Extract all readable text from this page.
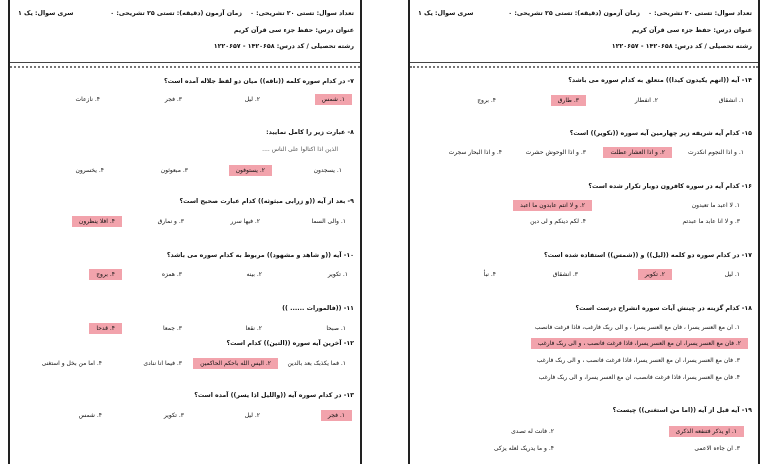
تعداد سوال: تستی ۲۰ تشریحی: ۰
زمان آزمون (دقیقه): تستی ۲۵ تشریحی: ۰
سری سوال: یک ۱
عنوان درس: حفظ جزء سی قرآن کریم
رشته تحصیلی / کد درس: ۱۴۲۰۶۵۸ - ۱۲۲۰۶۵۷
۷- در کدام سوره کلمه ((ناقه)) میان دو لفظ جلاله آمده است؟
۱. شمس
۲. لیل
۳. فجر
۴. نازعات
۸- عبارت زیر را کامل نمایید:
الذین اذا اکتالوا علی الناس ....
۱. یسجدون
۲. یستوفون
۳. مبعوثون
۴. یخسرون
۹- بعد از آیه ((و زرابی مبثوثه)) کدام عبارت صحیح است؟
۱. والی السما
۲. فیها سرر
۳. و نمارق
۴. افلا ینظرون
۱۰- آیه ((و شاهد و مشهود)) مربوط به کدام سوره می باشد؟
۱. تکویر
۲. بینه
۳. همزه
۴. بروج
۱۱- ((فالمورات ...... ))
۱. صبحا
۲. نقعا
۳. جمعا
۴. قدحا
۱۲- آخرین آیه سوره ((التین)) کدام است؟
۱. فما یکذبک بعد بالدین
۲. الیس الله باحکم الحاکمین
۳. فیما انا ننادی
۴. اما من بخل و استغنی
۱۳- در کدام سوره آیه ((واللیل اذا یسر)) آمده است؟
۱. فجر
۲. لیل
۳. تکویر
۴. شمس
تعداد سوال: تستی ۲۰ تشریحی: ۰
زمان آزمون (دقیقه): تستی ۲۵ تشریحی: ۰
سری سوال: یک ۱
عنوان درس: حفظ جزء سی قرآن کریم
رشته تحصیلی / کد درس: ۱۴۲۰۶۵۸ - ۱۲۲۰۶۵۷
۱۴- آیه ((انهم یکیدون کیدا)) متعلق به کدام سوره می باشد؟
۱. انشقاق
۲. انفطار
۳. طارق
۴. بروج
۱۵- کدام آیه شریفه زیر چهارمین آیه سوره ((تکویر)) است؟
۱. و اذا النجوم انکدرت
۲. و اذا العشار عطلت
۳. و اذا الوحوش حشرت
۴. و اذا البحار سجرت
۱۶- کدام آیه در سوره کافرون دوبار تکرار شده است؟
۱. لا اعبد ما تعبدون
۲. و لا انتم عابدون ما اعبد
۳. و لا انا عابد ما عبدتم
۴. لکم دینکم و لی دین
۱۷- در کدام سوره دو کلمه ((لیل)) و ((شمس)) استفاده شده است؟
۱. لیل
۲. تکویر
۳. انشقاق
۴. نبأ
۱۸- کدام گزینه در چینش آیات سوره انشراح درست است؟
۱. ان مع العسر یسرا ، فان مع العسر یسرا ، و الی ربک فارغب، فاذا فرغت فانصب
۲. فان مع العسر یسرا، ان مع العسر یسرا، فاذا فرغت فانصب ، و الی ربک فارغب
۳. فان مع العسر یسرا، ان مع العسر یسرا، فاذا فرغت فانصب ، و الی ربک فارغب
۴. فان مع العسر یسرا، فاذا فرغت فانصب، ان مع العسر یسرا، و الی ربک فارغب
۱۹- آیه قبل از آیه ((اما من استغنی)) چیست؟
۱. او یذکر فتنفعه الذکری
۲. فانت له تصدی
۳. ان جاءه الاعمی
۴. و ما یدریک لعله یزکی
